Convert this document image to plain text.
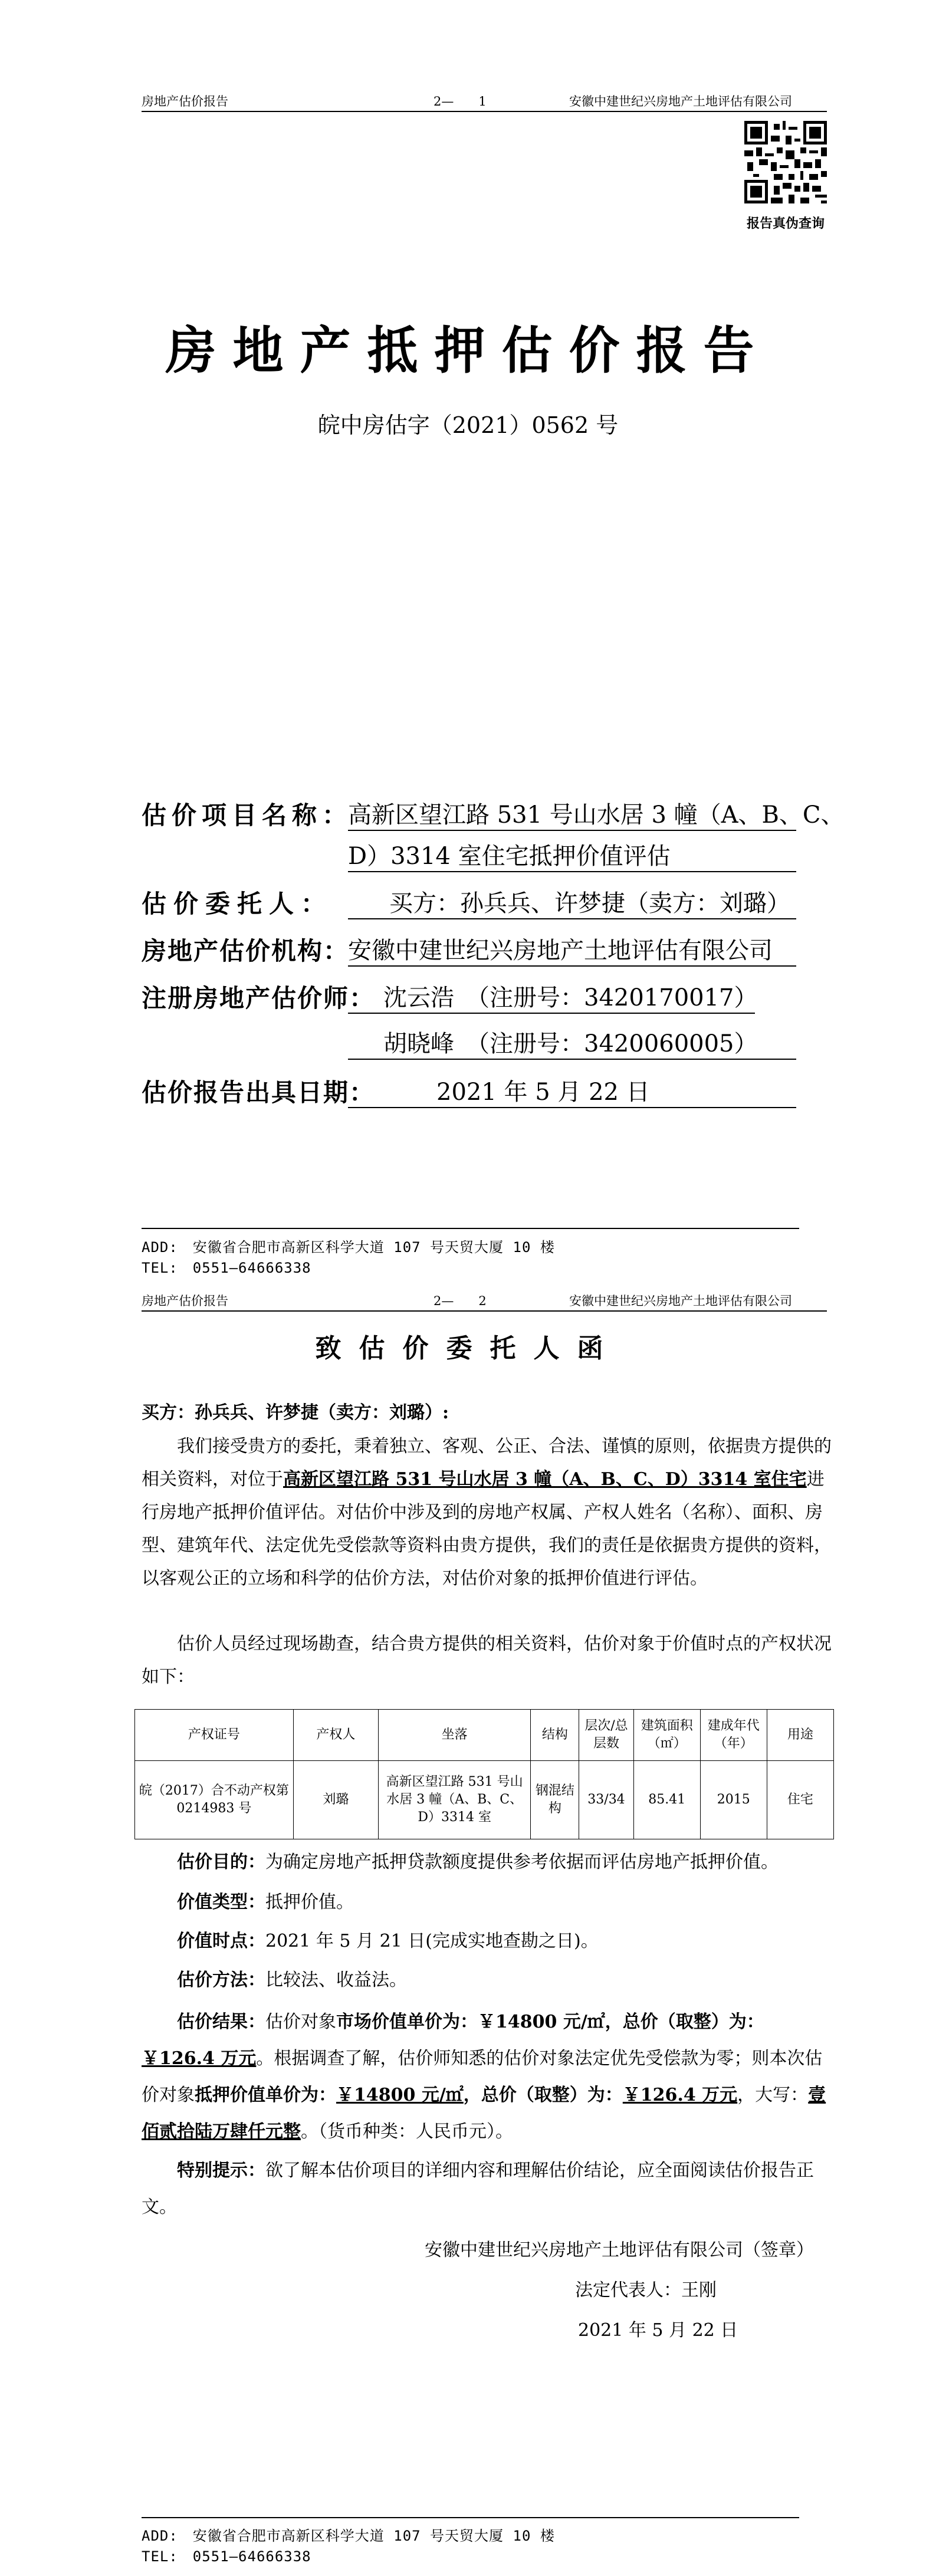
房地产估价报告	2—　　1	安徽中建世纪兴房地产土地评估有限公司
报告真伪查询
房地产抵押估价报告
皖中房估字（2021）0562 号
估价项目名称：
高新区望江路 531 号山水居 3 幢（A、B、C、
D）3314 室住宅抵押价值评估
估价委托人：	买方：孙兵兵、许梦捷（卖方：刘璐）
房地产估价机构：
安徽中建世纪兴房地产土地评估有限公司
注册房地产估价师： 沈云浩　（注册号：3420170017）
胡晓峰　（注册号：3420060005）
估价报告出具日期：	2021 年 5 月 22 日
ADD:　安徽省合肥市高新区科学大道 107 号天贸大厦 10 楼
TEL:　0551—64666338
房地产估价报告	2—　　2	安徽中建世纪兴房地产土地评估有限公司
致估价委托人函
买方：孙兵兵、许梦捷（卖方：刘璐）:
我们接受贵方的委托，秉着独立、客观、公正、合法、谨慎的原则，依据贵方提供的相关资料，对位于高新区望江路 531 号山水居 3 幢（A、B、C、D）3314 室住宅进行房地产抵押价值评估。对估价中涉及到的房地产权属、产权人姓名（名称）、面积、房型、建筑年代、法定优先受偿款等资料由贵方提供，我们的责任是依据贵方提供的资料，以客观公正的立场和科学的估价方法，对估价对象的抵押价值进行评估。
估价人员经过现场勘查，结合贵方提供的相关资料，估价对象于价值时点的产权状况如下：
产权证号	产权人	坐落	结构	层次/总层数	建筑面积（㎡）	建成年代（年）	用途
皖（2017）合不动产权第 0214983 号	刘璐	高新区望江路 531 号山水居 3 幢（A、B、C、D）3314 室	钢混结构	33/34	85.41	2015	住宅
估价目的：为确定房地产抵押贷款额度提供参考依据而评估房地产抵押价值。
价值类型：抵押价值。
价值时点：2021 年 5 月 21 日(完成实地查勘之日)。
估价方法：比较法、收益法。
估价结果：估价对象市场价值单价为：￥14800 元/㎡，总价（取整）为：￥126.4 万元。根据调查了解，估价师知悉的估价对象法定优先受偿款为零；则本次估价对象抵押价值单价为：￥14800 元/㎡，总价（取整）为：￥126.4 万元，大写：壹佰贰拾陆万肆仟元整。（货币种类：人民币元）。
特别提示：欲了解本估价项目的详细内容和理解估价结论，应全面阅读估价报告正文。
安徽中建世纪兴房地产土地评估有限公司（签章）
法定代表人：王刚
2021 年 5 月 22 日
ADD:　安徽省合肥市高新区科学大道 107 号天贸大厦 10 楼
TEL:　0551—64666338
